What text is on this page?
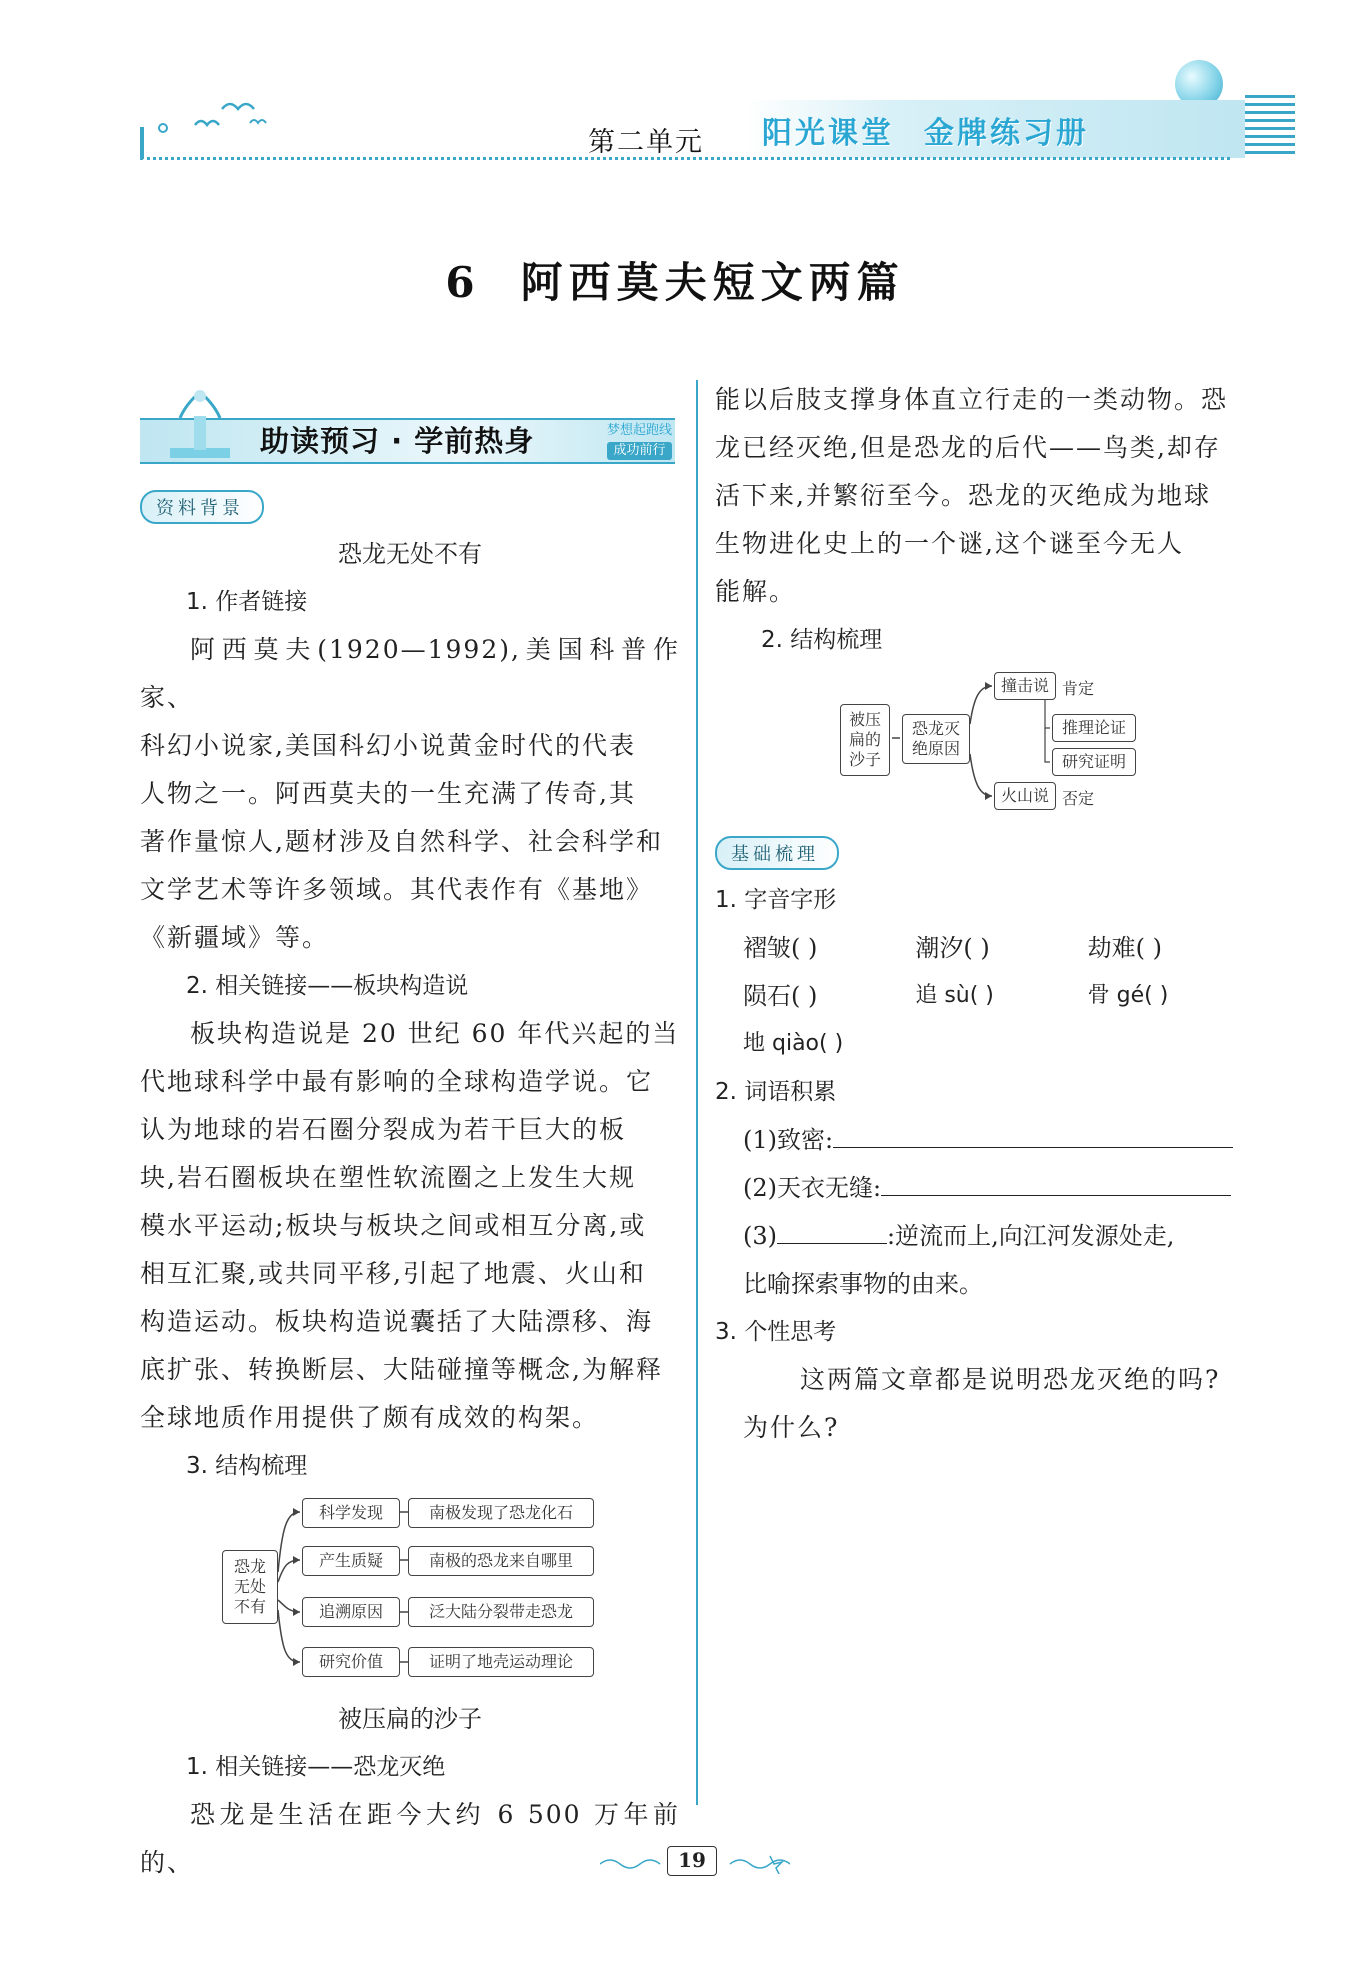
第二单元 阳光课堂 金牌练习册
6 阿西莫夫短文两篇
助读预习 · 学前热身	梦想起跑线
成功前行
资料背景
恐龙无处不有
1. 作者链接
阿西莫夫(1920—1992),美国科普作家、
科幻小说家,美国科幻小说黄金时代的代表
人物之一。阿西莫夫的一生充满了传奇,其
著作量惊人,题材涉及自然科学、社会科学和
文学艺术等许多领域。其代表作有《基地》
《新疆域》等。
2. 相关链接——板块构造说
板块构造说是 20 世纪 60 年代兴起的当
代地球科学中最有影响的全球构造学说。它
认为地球的岩石圈分裂成为若干巨大的板
块,岩石圈板块在塑性软流圈之上发生大规
模水平运动;板块与板块之间或相互分离,或
相互汇聚,或共同平移,引起了地震、火山和
构造运动。板块构造说囊括了大陆漂移、海
底扩张、转换断层、大陆碰撞等概念,为解释
全球地质作用提供了颇有成效的构架。
3. 结构梳理
恐龙
无处
不有
科学发现	南极发现了恐龙化石
产生质疑	南极的恐龙来自哪里
追溯原因	泛大陆分裂带走恐龙
研究价值	证明了地壳运动理论
被压扁的沙子
1. 相关链接——恐龙灭绝
恐龙是生活在距今大约 6 500 万年前的、
能以后肢支撑身体直立行走的一类动物。恐
龙已经灭绝,但是恐龙的后代——鸟类,却存
活下来,并繁衍至今。恐龙的灭绝成为地球
生物进化史上的一个谜,这个谜至今无人
能解。
2. 结构梳理
被压
扁的
沙子
恐龙灭
绝原因
撞击说 肯定
推理论证
研究证明
火山说 否定
基础梳理
1. 字音字形
褶皱( )	潮汐( )	劫难( )
陨石( )	追 sù( )	骨 gé( )
地 qiào( )
2. 词语积累
(1)致密:
(2)天衣无缝:
(3)	:逆流而上,向江河发源处走,
比喻探索事物的由来。
3. 个性思考
这两篇文章都是说明恐龙灭绝的吗?
为什么?
19
